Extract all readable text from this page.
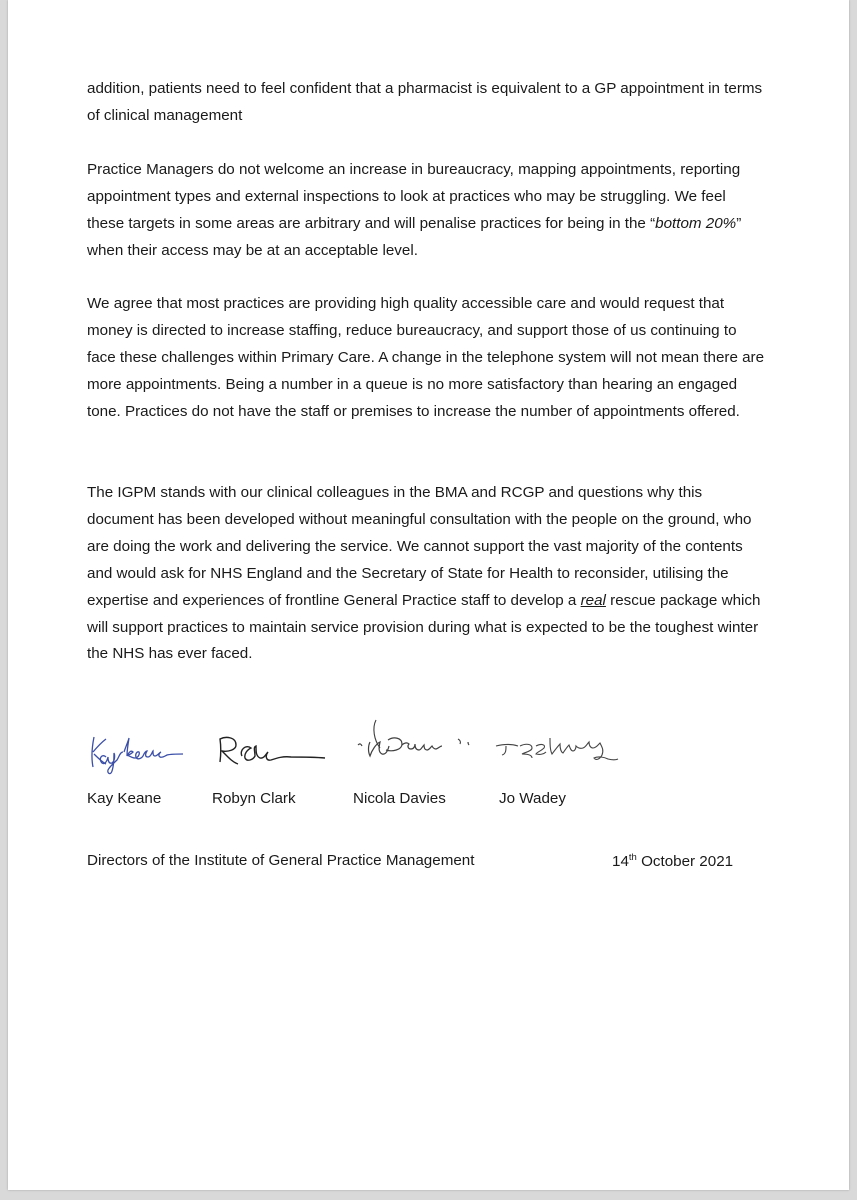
addition, patients need to feel confident that a pharmacist is equivalent to a GP appointment in terms of clinical management

Practice Managers do not welcome an increase in bureaucracy, mapping appointments, reporting appointment types and external inspections to look at practices who may be struggling. We feel these targets in some areas are arbitrary and will penalise practices for being in the “bottom 20%” when their access may be at an acceptable level.

We agree that most practices are providing high quality accessible care and would request that money is directed to increase staffing, reduce bureaucracy, and support those of us continuing to face these challenges within Primary Care. A change in the telephone system will not mean there are more appointments. Being a number in a queue is no more satisfactory than hearing an engaged tone. Practices do not have the staff or premises to increase the number of appointments offered.

The IGPM stands with our clinical colleagues in the BMA and RCGP and questions why this document has been developed without meaningful consultation with the people on the ground, who are doing the work and delivering the service. We cannot support the vast majority of the contents and would ask for NHS England and the Secretary of State for Health to reconsider, utilising the expertise and experiences of frontline General Practice staff to develop a real rescue package which will support practices to maintain service provision during what is expected to be the toughest winter the NHS has ever faced.

Kay Keane	Robyn Clark	Nicola Davies	Jo Wadey
Directors of the Institute of General Practice Management	14th October 2021
